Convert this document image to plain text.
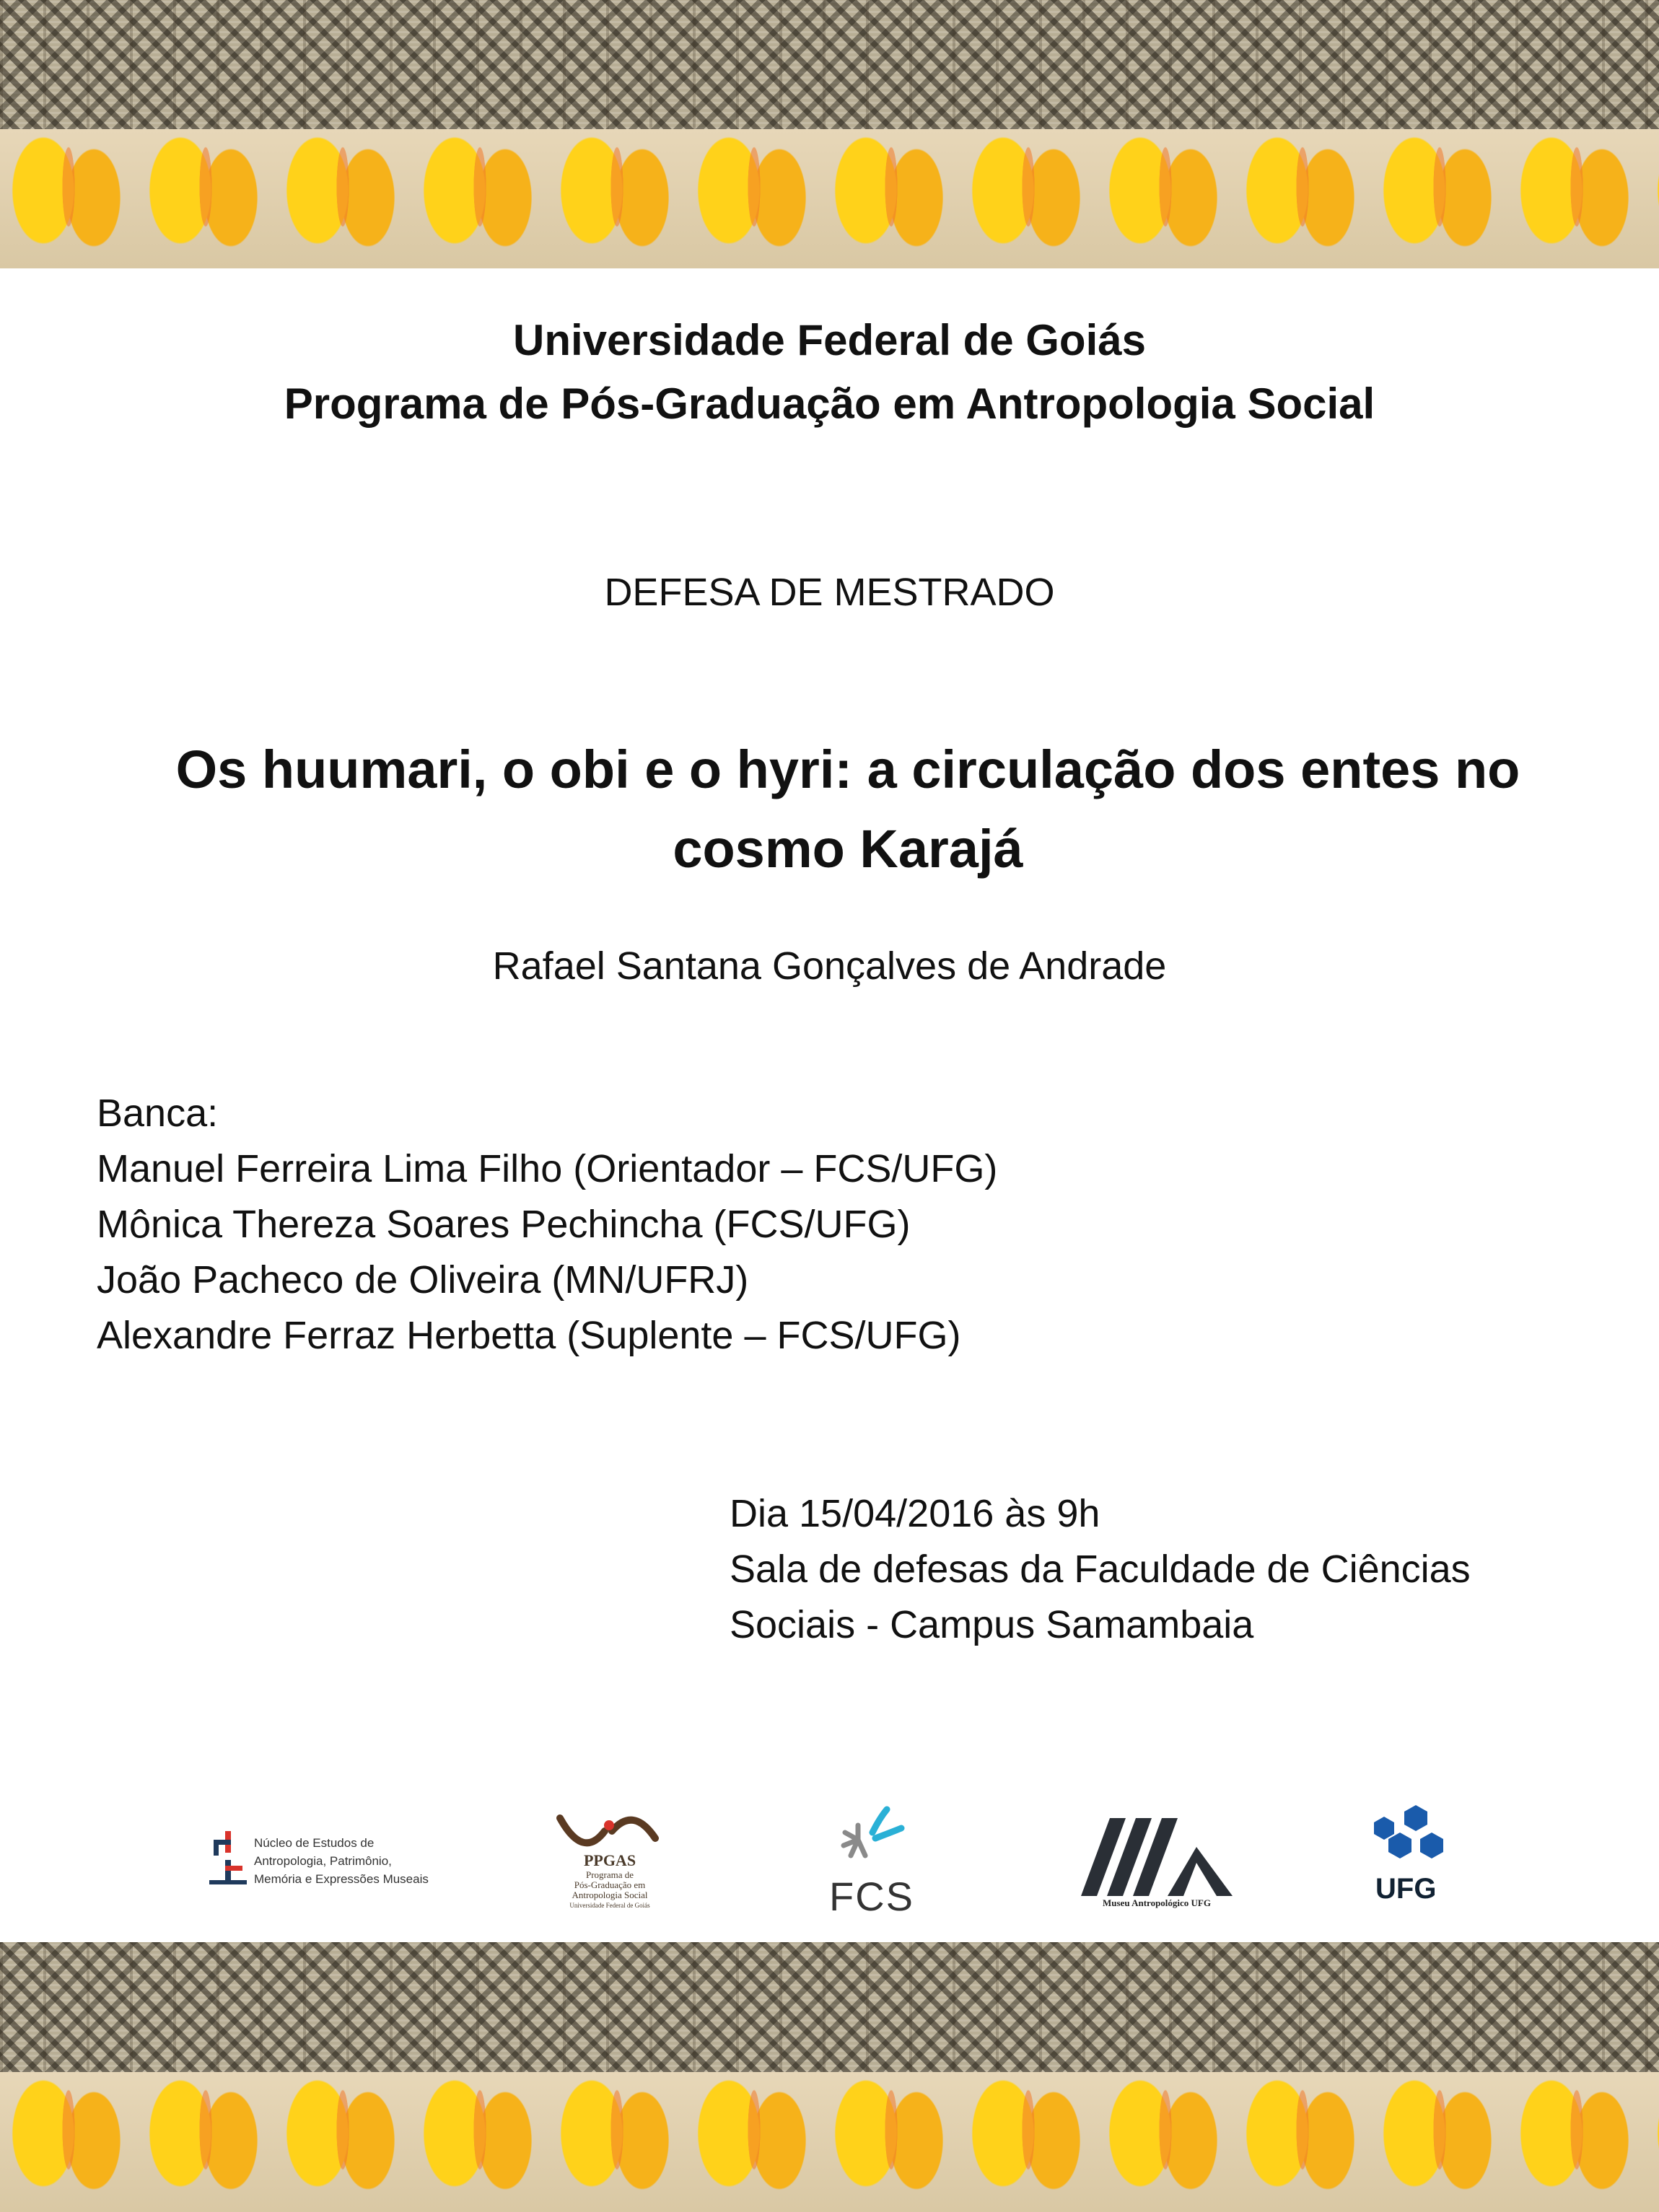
Universidade Federal de Goiás
Programa de Pós-Graduação em Antropologia Social
DEFESA DE MESTRADO
Os huumari, o obi e o hyri: a circulação dos entes no cosmo Karajá
Rafael Santana Gonçalves de Andrade
Banca:
Manuel Ferreira Lima Filho (Orientador – FCS/UFG)
Mônica Thereza Soares Pechincha (FCS/UFG)
João Pacheco de Oliveira (MN/UFRJ)
Alexandre Ferraz Herbetta (Suplente – FCS/UFG)
Dia 15/04/2016 às 9h
Sala de defesas da Faculdade de Ciências
Sociais - Campus Samambaia
Núcleo de Estudos de
Antropologia, Patrimônio,
Memória e Expressões Museais
PPGAS
Programa de
Pós-Graduação em
Antropologia Social
Universidade Federal de Goiás	FCS	Museu Antropológico UFG	UFG
